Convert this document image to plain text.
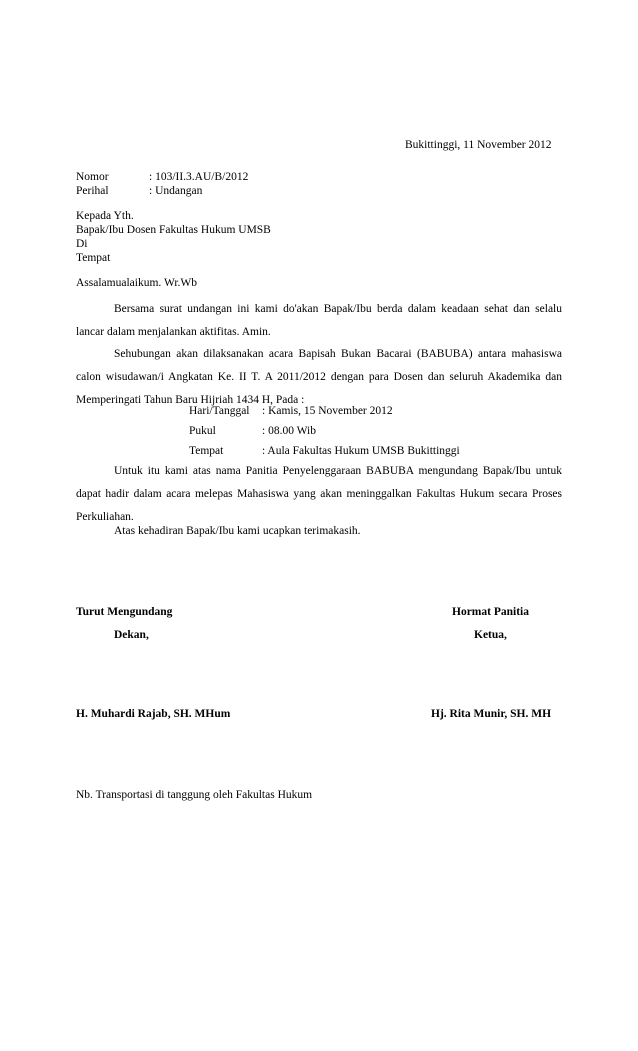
Bukittinggi, 11 November 2012
Nomor	: 103/II.3.AU/B/2012
Perihal	: Undangan
Kepada Yth.
Bapak/Ibu Dosen Fakultas Hukum UMSB
Di
Tempat
Assalamualaikum. Wr.Wb
Bersama surat undangan ini kami do'akan Bapak/Ibu berda dalam keadaan sehat dan selalu lancar dalam menjalankan aktifitas. Amin.
Sehubungan akan dilaksanakan acara Bapisah Bukan Bacarai (BABUBA) antara mahasiswa calon wisudawan/i Angkatan Ke. II T. A 2011/2012 dengan para Dosen dan seluruh Akademika dan Memperingati Tahun Baru Hijriah 1434 H, Pada :
Hari/Tanggal : Kamis, 15 November 2012
Pukul	: 08.00 Wib
Tempat	: Aula Fakultas Hukum UMSB Bukittinggi
Untuk itu kami atas nama Panitia Penyelenggaraan BABUBA mengundang Bapak/Ibu untuk dapat hadir dalam acara melepas Mahasiswa yang akan meninggalkan Fakultas Hukum secara Proses Perkuliahan.
Atas kehadiran Bapak/Ibu kami ucapkan terimakasih.
Turut Mengundang
Dekan,
Hormat Panitia
Ketua,
H. Muhardi Rajab, SH. MHum	Hj. Rita Munir, SH. MH
Nb. Transportasi di tanggung oleh Fakultas Hukum
